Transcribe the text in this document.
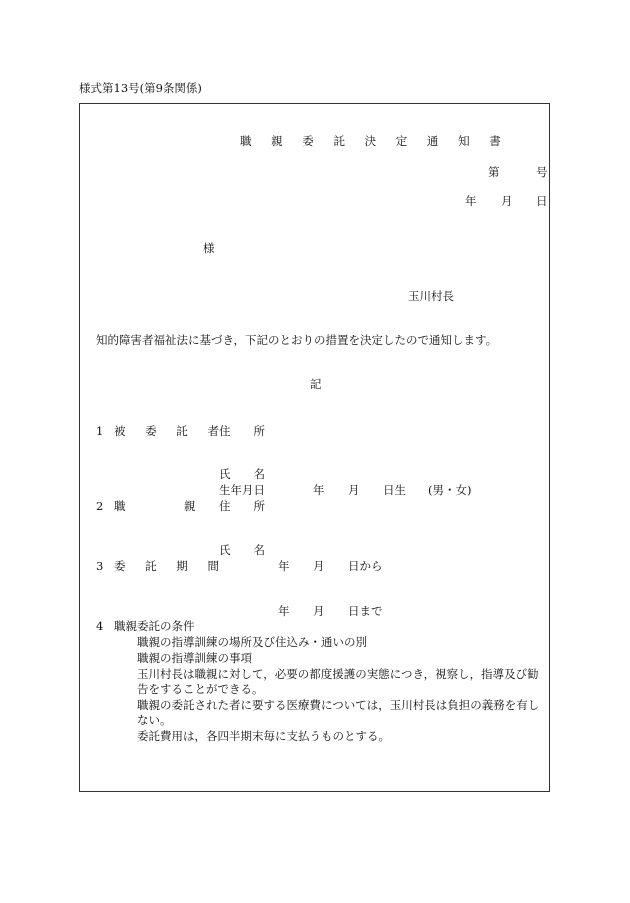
様式第13号(第9条関係)
職 親 委 託 決 定 通 知 書
第	号
年 月 日
様
玉川村長
知的障害者福祉法に基づき，下記のとおりの措置を決定したので通知します。
記
1 被 委 託 者
住　　所
氏　　名
生年月日	年 月 日生 (男・女)
2 職	親 住　　所
氏　　名
3 委 託 期 間	年 月 日から
年 月 日まで
4 職親委託の条件
職親の指導訓練の場所及び住込み・通いの別
職親の指導訓練の事項
玉川村長は職親に対して，必要の都度援護の実態につき，視察し，指導及び勧
告をすることができる。
職親の委託された者に要する医療費については，玉川村長は負担の義務を有し
ない。
委託費用は，各四半期末毎に支払うものとする。
